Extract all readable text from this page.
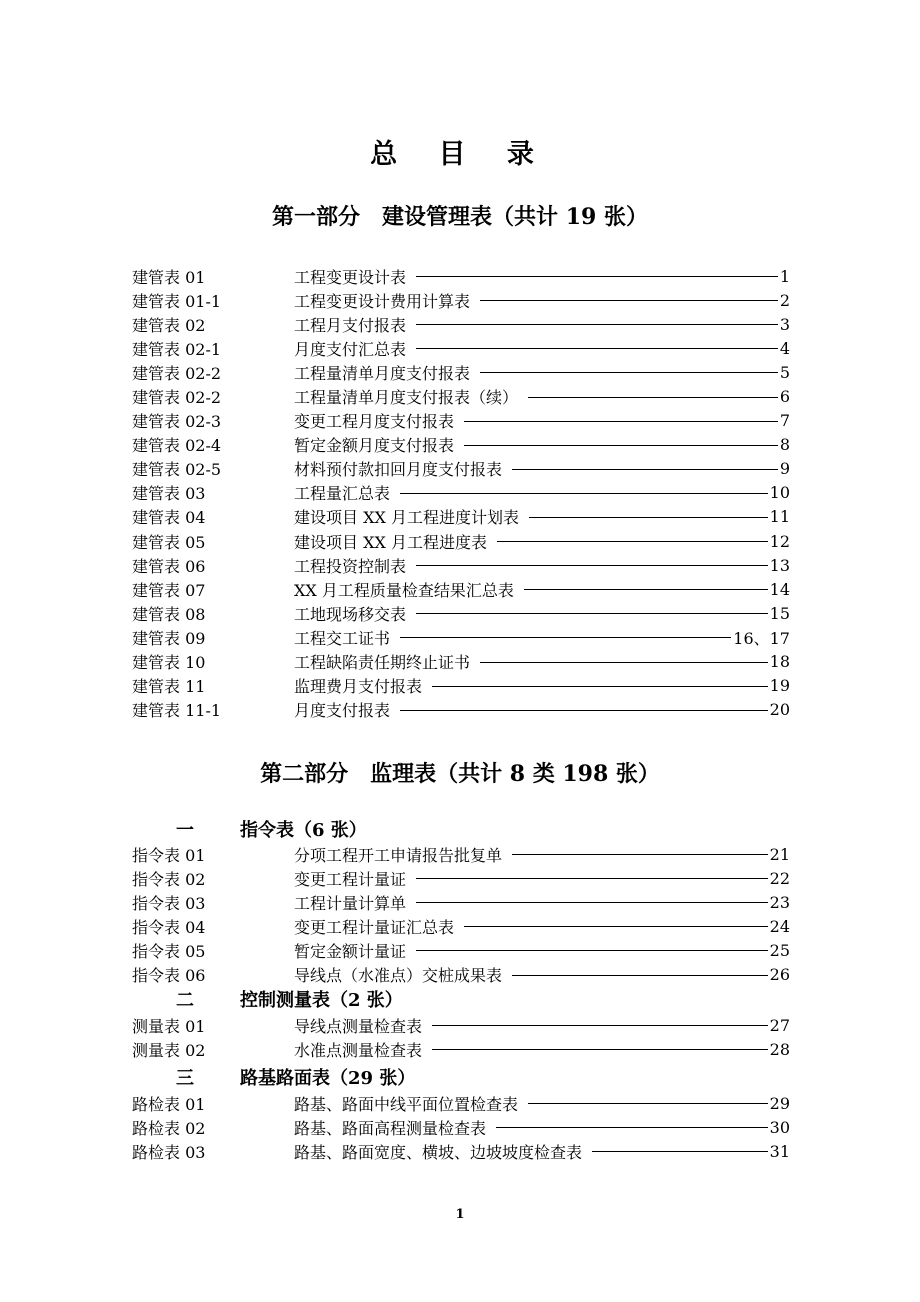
总 目 录
第一部分　建设管理表（共计 19 张）
建管表 01	工程变更设计表	1
建管表 01-1	工程变更设计费用计算表	2
建管表 02	工程月支付报表	3
建管表 02-1	月度支付汇总表	4
建管表 02-2	工程量清单月度支付报表	5
建管表 02-2	工程量清单月度支付报表（续）	6
建管表 02-3	变更工程月度支付报表	7
建管表 02-4	暂定金额月度支付报表	8
建管表 02-5	材料预付款扣回月度支付报表	9
建管表 03	工程量汇总表	10
建管表 04	建设项目 XX 月工程进度计划表	11
建管表 05	建设项目 XX 月工程进度表	12
建管表 06	工程投资控制表	13
建管表 07	XX 月工程质量检查结果汇总表	14
建管表 08	工地现场移交表	15
建管表 09	工程交工证书	16、17
建管表 10	工程缺陷责任期终止证书	18
建管表 11	监理费月支付报表	19
建管表 11-1	月度支付报表	20
第二部分　监理表（共计 8 类 198 张）
一	指令表（6 张）
指令表 01	分项工程开工申请报告批复单	21
指令表 02	变更工程计量证	22
指令表 03	工程计量计算单	23
指令表 04	变更工程计量证汇总表	24
指令表 05	暂定金额计量证	25
指令表 06	导线点（水准点）交桩成果表	26
二	控制测量表（2 张）
测量表 01	导线点测量检查表	27
测量表 02	水准点测量检查表	28
三	路基路面表（29 张）
路检表 01	路基、路面中线平面位置检查表	29
路检表 02	路基、路面高程测量检查表	30
路检表 03	路基、路面宽度、横坡、边坡坡度检查表	31
1
